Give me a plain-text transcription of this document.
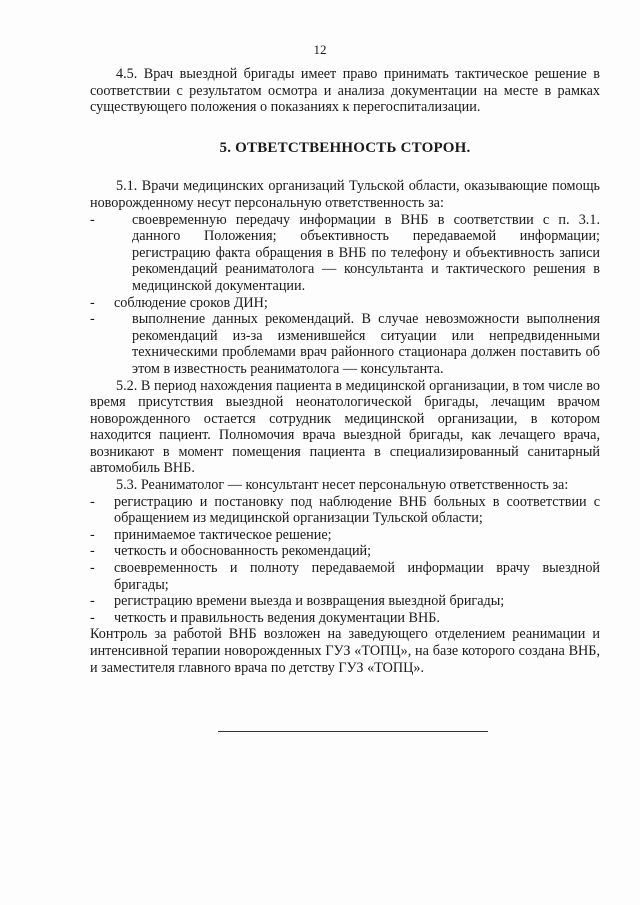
12

4.5. Врач выездной бригады имеет право принимать тактическое решение в соответствии с результатом осмотра и анализа документации на месте в рамках существующего положения о показаниях к перегоспитализации.

5. ОТВЕТСТВЕННОСТЬ СТОРОН.

5.1. Врачи медицинских организаций Тульской области, оказывающие помощь новорожденному несут персональную ответственность за:

-	своевременную передачу информации в ВНБ в соответствии с п. 3.1. данного Положения; объективность передаваемой информации; регистрацию факта обращения в ВНБ по телефону и объективность записи рекомендаций реаниматолога — консультанта и тактического решения в медицинской документации.
-	соблюдение сроков ДИН;
-	выполнение данных рекомендаций. В случае невозможности выполнения рекомендаций из-за изменившейся ситуации или непредвиденными техническими проблемами врач районного стационара должен поставить об этом в известность реаниматолога — консультанта.

5.2. В период нахождения пациента в медицинской организации, в том числе во время присутствия выездной неонатологической бригады, лечащим врачом новорожденного остается сотрудник медицинской организации, в котором находится пациент. Полномочия врача выездной бригады, как лечащего врача, возникают в момент помещения пациента в специализированный санитарный автомобиль ВНБ.

5.3. Реаниматолог — консультант несет персональную ответственность за:

-	регистрацию и постановку под наблюдение ВНБ больных в соответствии с обращением из медицинской организации Тульской области;
-	принимаемое тактическое решение;
-	четкость и обоснованность рекомендаций;
-	своевременность и полноту передаваемой информации врачу выездной бригады;
-	регистрацию времени выезда и возвращения выездной бригады;
-	четкость и правильность ведения документации ВНБ.

Контроль за работой ВНБ возложен на заведующего отделением реанимации и интенсивной терапии новорожденных ГУЗ «ТОПЦ», на базе которого создана ВНБ, и заместителя главного врача по детству ГУЗ «ТОПЦ».
